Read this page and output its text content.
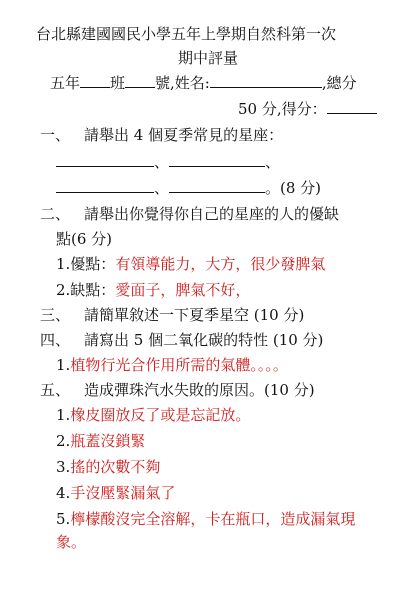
台北縣建國國民小學五年上學期自然科第一次
期中評量
五年 班 號,姓名:	,總分
50 分,得分：
一、 請舉出 4 個夏季常見的星座：
、	、
、	。(8 分)
二、 請舉出你覺得你自己的星座的人的優缺
點(6 分)
1.優點：有領導能力，大方，很少發脾氣
2.缺點：愛面子，脾氣不好，
三、 請簡單敘述一下夏季星空 (10 分)
四、 請寫出 5 個二氧化碳的特性 (10 分)
1.植物行光合作用所需的氣體。。。。
五、 造成彈珠汽水失敗的原因。(10 分)
1.橡皮圈放反了或是忘記放。
2.瓶蓋沒鎖緊
3.搖的次數不夠
4.手沒壓緊漏氣了
5.檸檬酸沒完全溶解，卡在瓶口，造成漏氣現
象。
